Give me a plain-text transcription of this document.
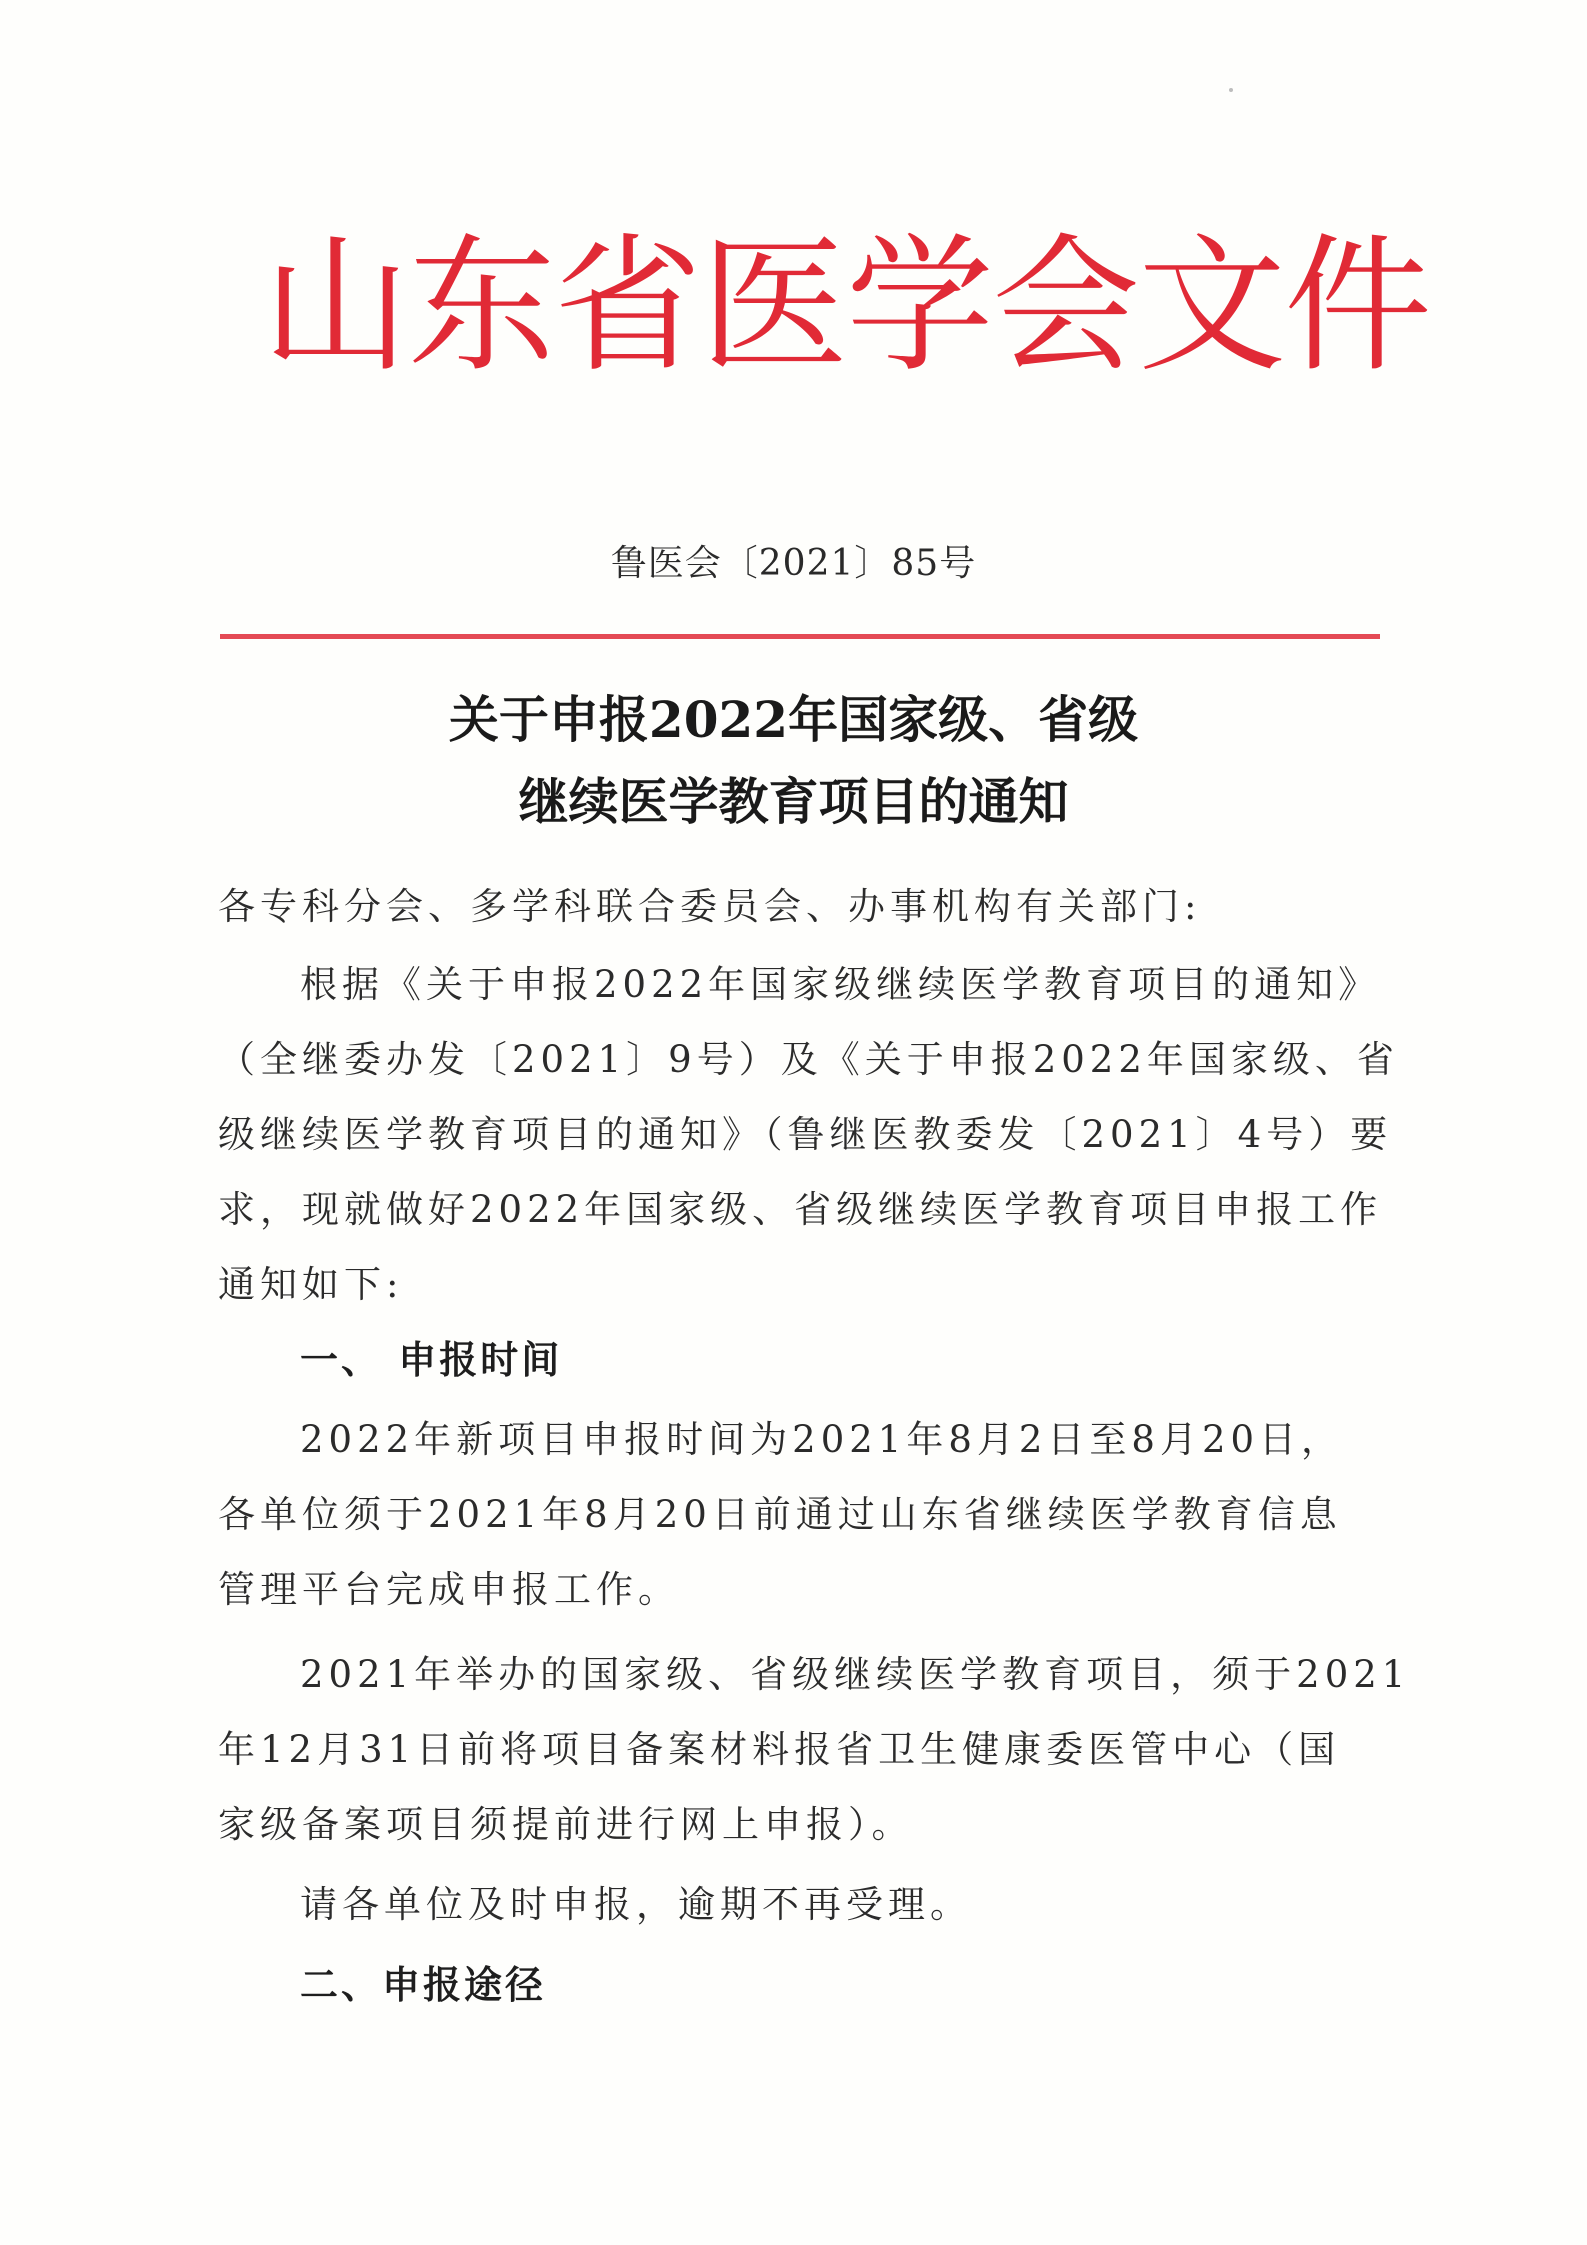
山东省医学会文件
鲁医会〔2021〕85号
关于申报2022年国家级、省级
继续医学教育项目的通知
各专科分会、多学科联合委员会、办事机构有关部门:
根据《关于申报2022年国家级继续医学教育项目的通知》
（全继委办发〔2021〕9号）及《关于申报2022年国家级、省
级继续医学教育项目的通知》（鲁继医教委发〔2021〕4号）要
求，现就做好2022年国家级、省级继续医学教育项目申报工作
通知如下:
一、 申报时间
2022年新项目申报时间为2021年8月2日至8月20日，
各单位须于2021年8月20日前通过山东省继续医学教育信息
管理平台完成申报工作。
2021年举办的国家级、省级继续医学教育项目，须于2021
年12月31日前将项目备案材料报省卫生健康委医管中心（国
家级备案项目须提前进行网上申报）。
请各单位及时申报，逾期不再受理。
二、申报途径
